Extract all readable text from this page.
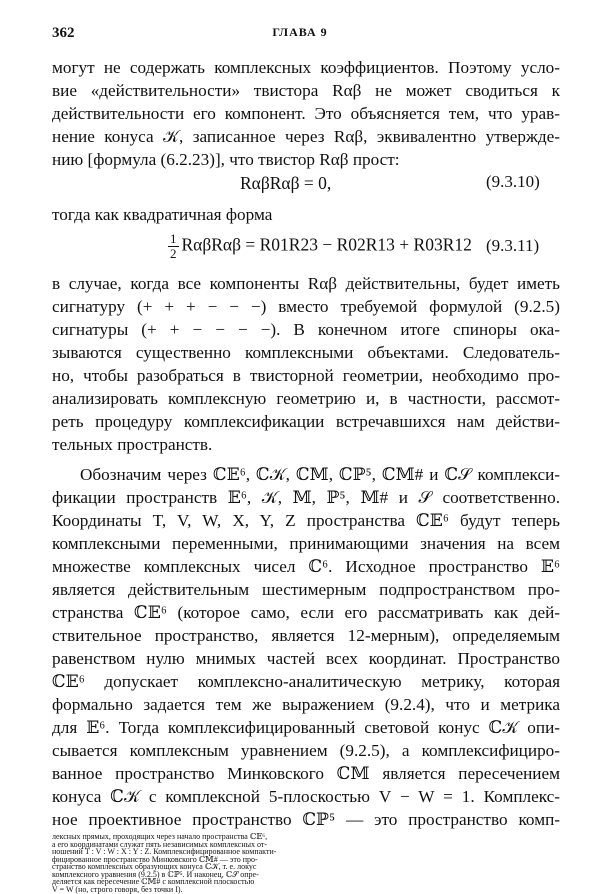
362	ГЛАВА 9
могут не содержать комплексных коэффициентов. Поэтому усло-
вие «действительности» твистора Rαβ не может сводиться к
действительности его компонент. Это объясняется тем, что урав-
нение конуса 𝒦, записанное через Rαβ, эквивалентно утвержде-
нию [формула (6.2.23)], что твистор Rαβ прост:
RαβRαβ = 0,	(9.3.10)
тогда как квадратичная форма
$\frac{1}{2}$ RαβRαβ = R01R23 − R02R13 + R03R12 (9.3.11)
в случае, когда все компоненты Rαβ действительны, будет иметь
сигнатуру (+ + + − − −) вместо требуемой формулой (9.2.5)
сигнатуры (+ + − − − −). В конечном итоге спиноры ока-
зываются существенно комплексными объектами. Следователь-
но, чтобы разобраться в твисторной геометрии, необходимо про-
анализировать комплексную геометрию и, в частности, рассмот-
реть процедуру комплексификации встречавшихся нам действи-
тельных пространств.
Обозначим через ℂ𝔼⁶, ℂ𝒦, ℂ𝕄, ℂℙ⁵, ℂ𝕄# и ℂ𝒮 комплекси-
фикации пространств 𝔼⁶, 𝒦, 𝕄, ℙ⁵, 𝕄# и 𝒮 соответственно.
Координаты T, V, W, X, Y, Z пространства ℂ𝔼⁶ будут теперь
комплексными переменными, принимающими значения на всем
множестве комплексных чисел ℂ⁶. Исходное пространство 𝔼⁶
является действительным шестимерным подпространством про-
странства ℂ𝔼⁶ (которое само, если его рассматривать как дей-
ствительное пространство, является 12-мерным), определяемым
равенством нулю мнимых частей всех координат. Пространство
ℂ𝔼⁶ допускает комплексно-аналитическую метрику, которая
формально задается тем же выражением (9.2.4), что и метрика
для 𝔼⁶. Тогда комплексифицированный световой конус ℂ𝒦 опи-
сывается комплексным уравнением (9.2.5), а комплексифициро-
ванное пространство Минковского ℂ𝕄 является пересечением
конуса ℂ𝒦 с комплексной 5-плоскостью V − W = 1. Комплекс-
ное проективное пространство ℂℙ⁵ — это пространство комп-
лексных прямых, проходящих через начало пространства ℂ𝔼⁶,
а его координатами служат пять независимых комплексных от-
ношений T : V : W : X : Y : Z. Комплексифицированное компакти-
фицированное пространство Минковского ℂ𝕄# — это про-
странство комплексных образующих конуса ℂ𝒦, т. е. локус
комплексного уравнения (9.2.5) в ℂℙ⁵. И наконец, ℂ𝒮 опре-
деляется как пересечение ℂ𝕄# с комплексной плоскостью
V = W (но, строго говоря, без точки I).
